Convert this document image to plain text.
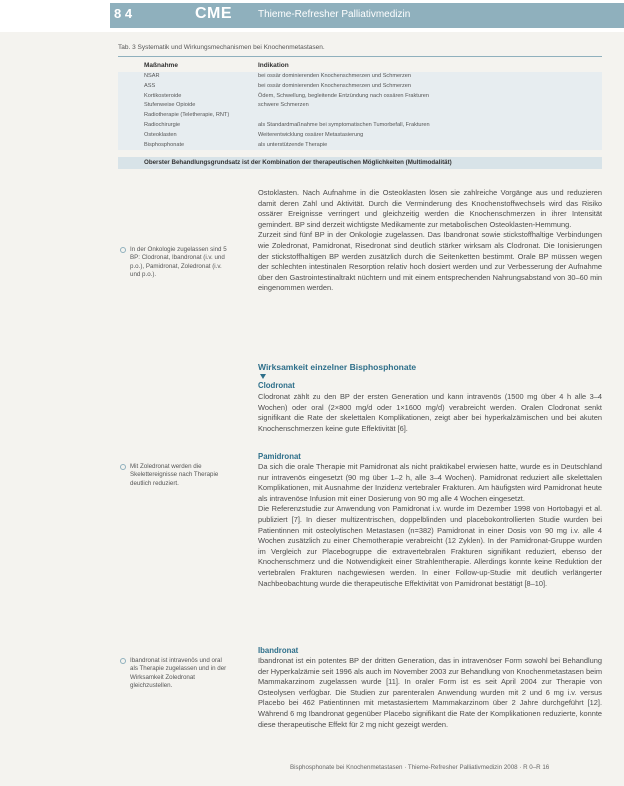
8 4	CME	Thieme-Refresher Palliativmedizin
Tab. 3 Systematik und Wirkungsmechanismen bei Knochenmetastasen.
Maßnahme	Indikation
NSAR	bei ossär dominierenden Knochenschmerzen und Schmerzen
ASS	bei ossär dominierenden Knochenschmerzen und Schmerzen
Kortikosteroide	Ödem, Schwellung, begleitende Entzündung nach ossären Frakturen
Stufenweise Opioide	schwere Schmerzen
Radiotherapie (Teletherapie, RNT)
Radiochirurgie	als Standardmaßnahme bei symptomatischen Tumorbefall, Frakturen
Osteoklasten	Weiterentwicklung ossärer Metastasierung
Bisphosphonate	als unterstützende Therapie
Oberster Behandlungsgrundsatz ist der Kombination der therapeutischen Möglichkeiten (Multimodalität)

Ostoklasten. Nach Aufnahme in die Osteoklasten lösen sie zahlreiche Vorgänge aus und reduzieren damit deren Zahl und Aktivität. Durch die Verminderung des Knochenstoffwechsels wird das Risiko ossärer Ereignisse verringert und gleichzeitig werden die Knochenschmerzen in ihrer Intensität gemindert. BP sind derzeit wichtigste Medikamente zur metabolischen Osteoklasten-Hemmung.

Zurzeit sind fünf BP in der Onkologie zugelassen. Das Ibandronat sowie stickstoffhaltige Verbindungen wie Zoledronat, Pamidronat, Risedronat sind deutlich stärker wirksam als Clodronat. Die Ionisierungen der stickstoffhaltigen BP werden zusätzlich durch die Seitenketten bestimmt. Orale BP müssen wegen der schlechten intestinalen Resorption relativ hoch dosiert werden und zur Verbesserung der Aufnahme über den Gastrointestinaltrakt nüchtern und mit einem entsprechenden Nahrungsabstand von 30–60 min eingenommen werden.

In der Onkologie zugelassen sind 5 BP: Clodronat, Ibandronat (i.v. und p.o.), Pamidronat, Zoledronat (i.v. und p.o.).
Wirksamkeit einzelner Bisphosphonate
Clodronat
Clodronat zählt zu den BP der ersten Generation und kann intravenös (1500 mg über 4 h alle 3–4 Wochen) oder oral (2×800 mg/d oder 1×1600 mg/d) verabreicht werden. Oralen Clodronat senkt signifikant die Rate der skelettalen Komplikationen, zeigt aber bei hyperkalzämischen und bei akuten Knochenschmerzen keine gute Effektivität [6].
Pamidronat
Mit Zoledronat werden die Skelettereignisse nach Therapie deutlich reduziert.

Da sich die orale Therapie mit Pamidronat als nicht praktikabel erwiesen hatte, wurde es in Deutschland nur intravenös eingesetzt (90 mg über 1–2 h, alle 3–4 Wochen). Pamidronat reduziert alle skelettalen Komplikationen, mit Ausnahme der Inzidenz vertebraler Frakturen. Am häufigsten wird Pamidronat heute als intravenöse Infusion mit einer Dosierung von 90 mg alle 4 Wochen eingesetzt.

Die Referenzstudie zur Anwendung von Pamidronat i.v. wurde im Dezember 1998 von Hortobagyi et al. publiziert [7]. In dieser multizentrischen, doppelblinden und placebokontrollierten Studie wurden bei Patientinnen mit osteolytischen Metastasen (n=382) Pamidronat in einer Dosis von 90 mg i.v. alle 4 Wochen zusätzlich zu einer Chemotherapie verabreicht (12 Zyklen). In der Pamidronat-Gruppe wurden im Vergleich zur Placebogruppe die extravertebralen Frakturen signifikant reduziert, ebenso der Knochenschmerz und die Notwendigkeit einer Strahlentherapie. Allerdings konnte keine Reduktion der vertebralen Frakturen nachgewiesen werden. In einer Follow-up-Studie mit deutlich verlängerter Nachbeobachtung wurde die therapeutische Effektivität von Pamidronat bestätigt [8–10].

Ibandronat
Ibandronat ist intravenös und oral als Therapie zugelassen und in der Wirksamkeit Zoledronat gleichzustellen.
Ibandronat ist ein potentes BP der dritten Generation, das in intravenöser Form sowohl bei Behandlung der Hyperkalzämie seit 1996 als auch im November 2003 zur Behandlung von Knochenmetastasen beim Mammakarzinom zugelassen wurde [11]. In oraler Form ist es seit April 2004 zur Therapie von Osteolysen verfügbar. Die Studien zur parenteralen Anwendung wurden mit 2 und 6 mg i.v. versus Placebo bei 462 Patientinnen mit metastasiertem Mammakarzinom über 2 Jahre durchgeführt [12]. Während 6 mg Ibandronat gegenüber Placebo signifikant die Rate der Komplikationen reduzierte, konnte diese therapeutische Effekt für 2 mg nicht gezeigt werden.
Bisphosphonate bei Knochenmetastasen · Thieme-Refresher Palliativmedizin 2008 · R 0–R 16
